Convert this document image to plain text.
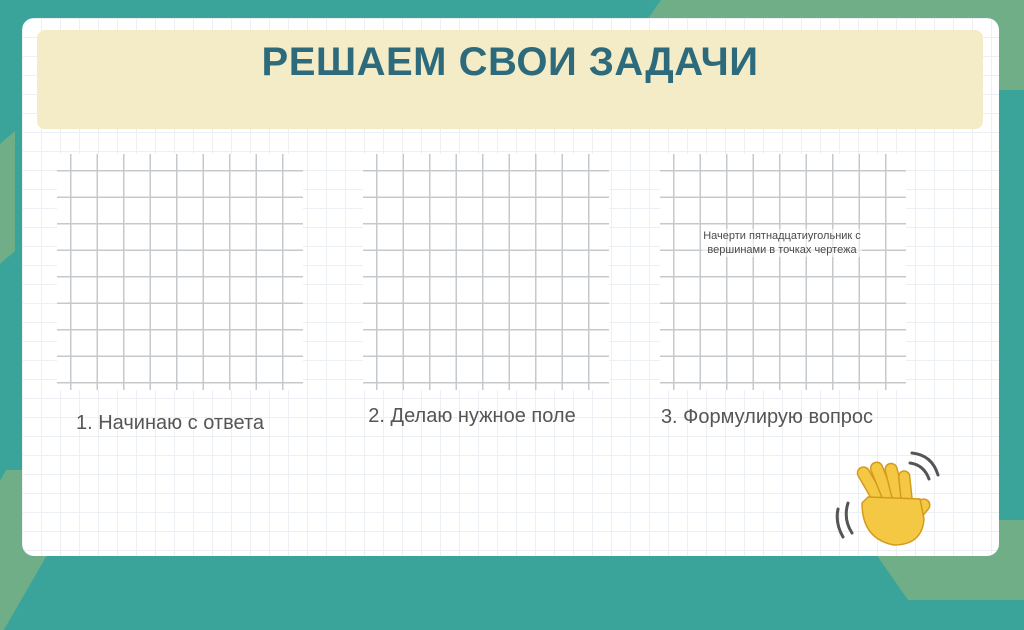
РЕШАЕМ СВОИ ЗАДАЧИ
Начерти пятнадцатиугольник с вершинами в точках чертежа
1. Начинаю с ответа	2. Делаю нужное поле	3. Формулирую вопрос
